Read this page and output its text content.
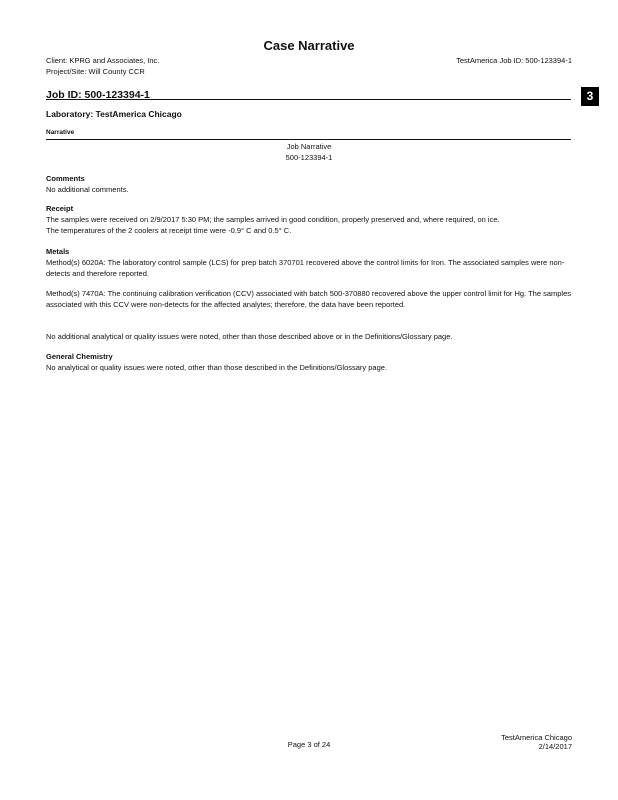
Case Narrative
Client: KPRG and Associates, Inc.
Project/Site: Will County CCR
TestAmerica Job ID: 500-123394-1
Job ID: 500-123394-1	3
Laboratory: TestAmerica Chicago
Narrative
Job Narrative
500-123394-1
Comments
No additional comments.
Receipt
The samples were received on 2/9/2017 5:30 PM; the samples arrived in good condition, properly preserved and, where required, on ice.
The temperatures of the 2 coolers at receipt time were -0.9° C and 0.5° C.
Metals
Method(s) 6020A: The laboratory control sample (LCS) for prep batch 370701 recovered above the control limits for Iron. The associated samples were non-detects and therefore reported.
Method(s) 7470A: The continuing calibration verification (CCV) associated with batch 500-370880 recovered above the upper control limit for Hg. The samples associated with this CCV were non-detects for the affected analytes; therefore, the data have been reported.
No additional analytical or quality issues were noted, other than those described above or in the Definitions/Glossary page.
General Chemistry
No analytical or quality issues were noted, other than those described in the Definitions/Glossary page.
Page 3 of 24
TestAmerica Chicago
2/14/2017
